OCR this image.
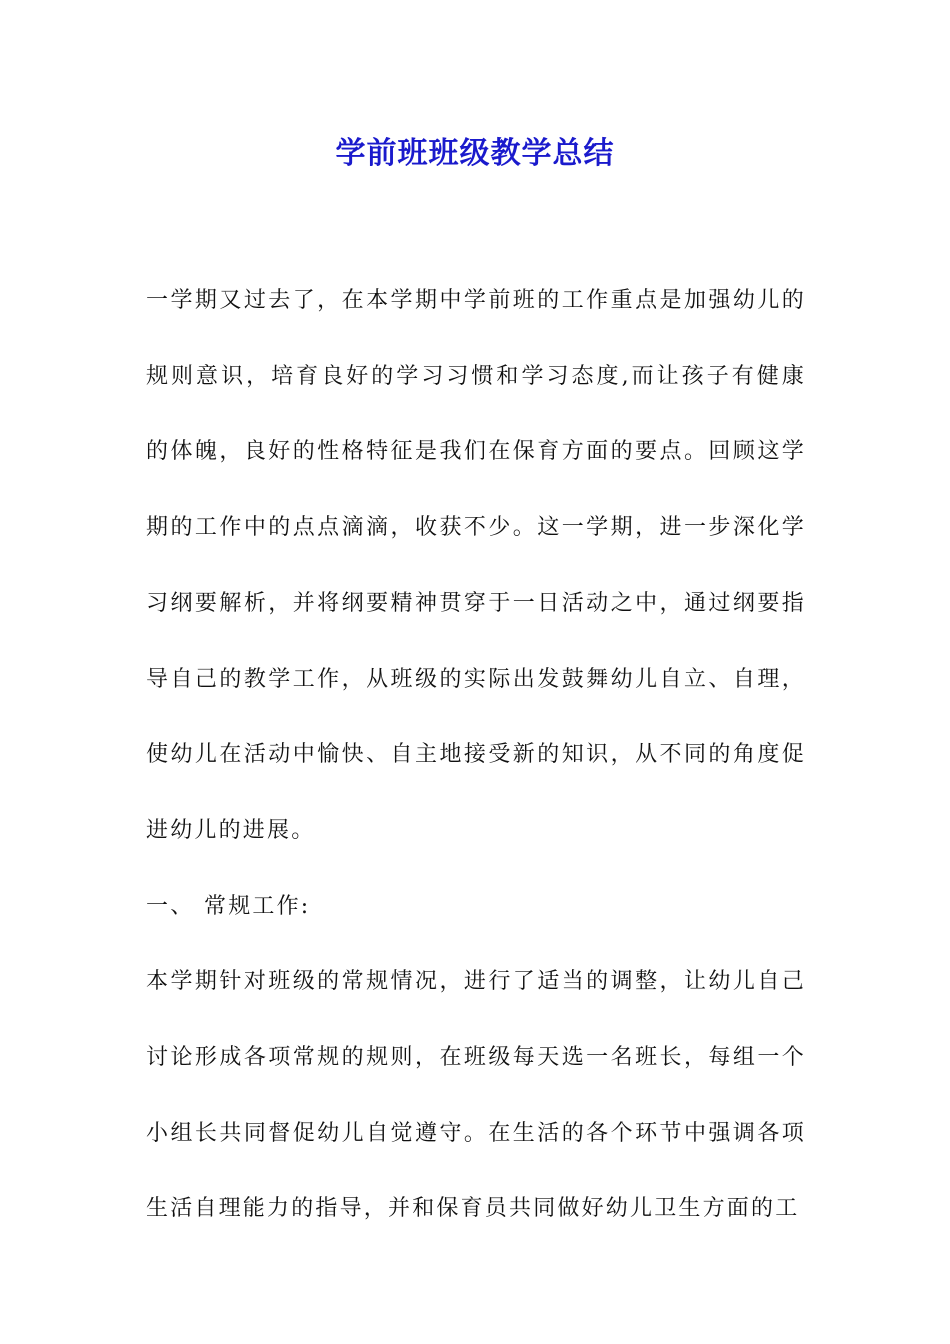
学前班班级教学总结

一学期又过去了，在本学期中学前班的工作重点是加强幼儿的规则意识，培育良好的学习习惯和学习态度,而让孩子有健康的体魄，良好的性格特征是我们在保育方面的要点。回顾这学期的工作中的点点滴滴，收获不少。这一学期，进一步深化学习纲要解析，并将纲要精神贯穿于一日活动之中，通过纲要指导自己的教学工作，从班级的实际出发鼓舞幼儿自立、自理，使幼儿在活动中愉快、自主地接受新的知识，从不同的角度促进幼儿的进展。

一、 常规工作:

本学期针对班级的常规情况，进行了适当的调整，让幼儿自己讨论形成各项常规的规则，在班级每天选一名班长，每组一个小组长共同督促幼儿自觉遵守。在生活的各个环节中强调各项生活自理能力的指导，并和保育员共同做好幼儿卫生方面的工
